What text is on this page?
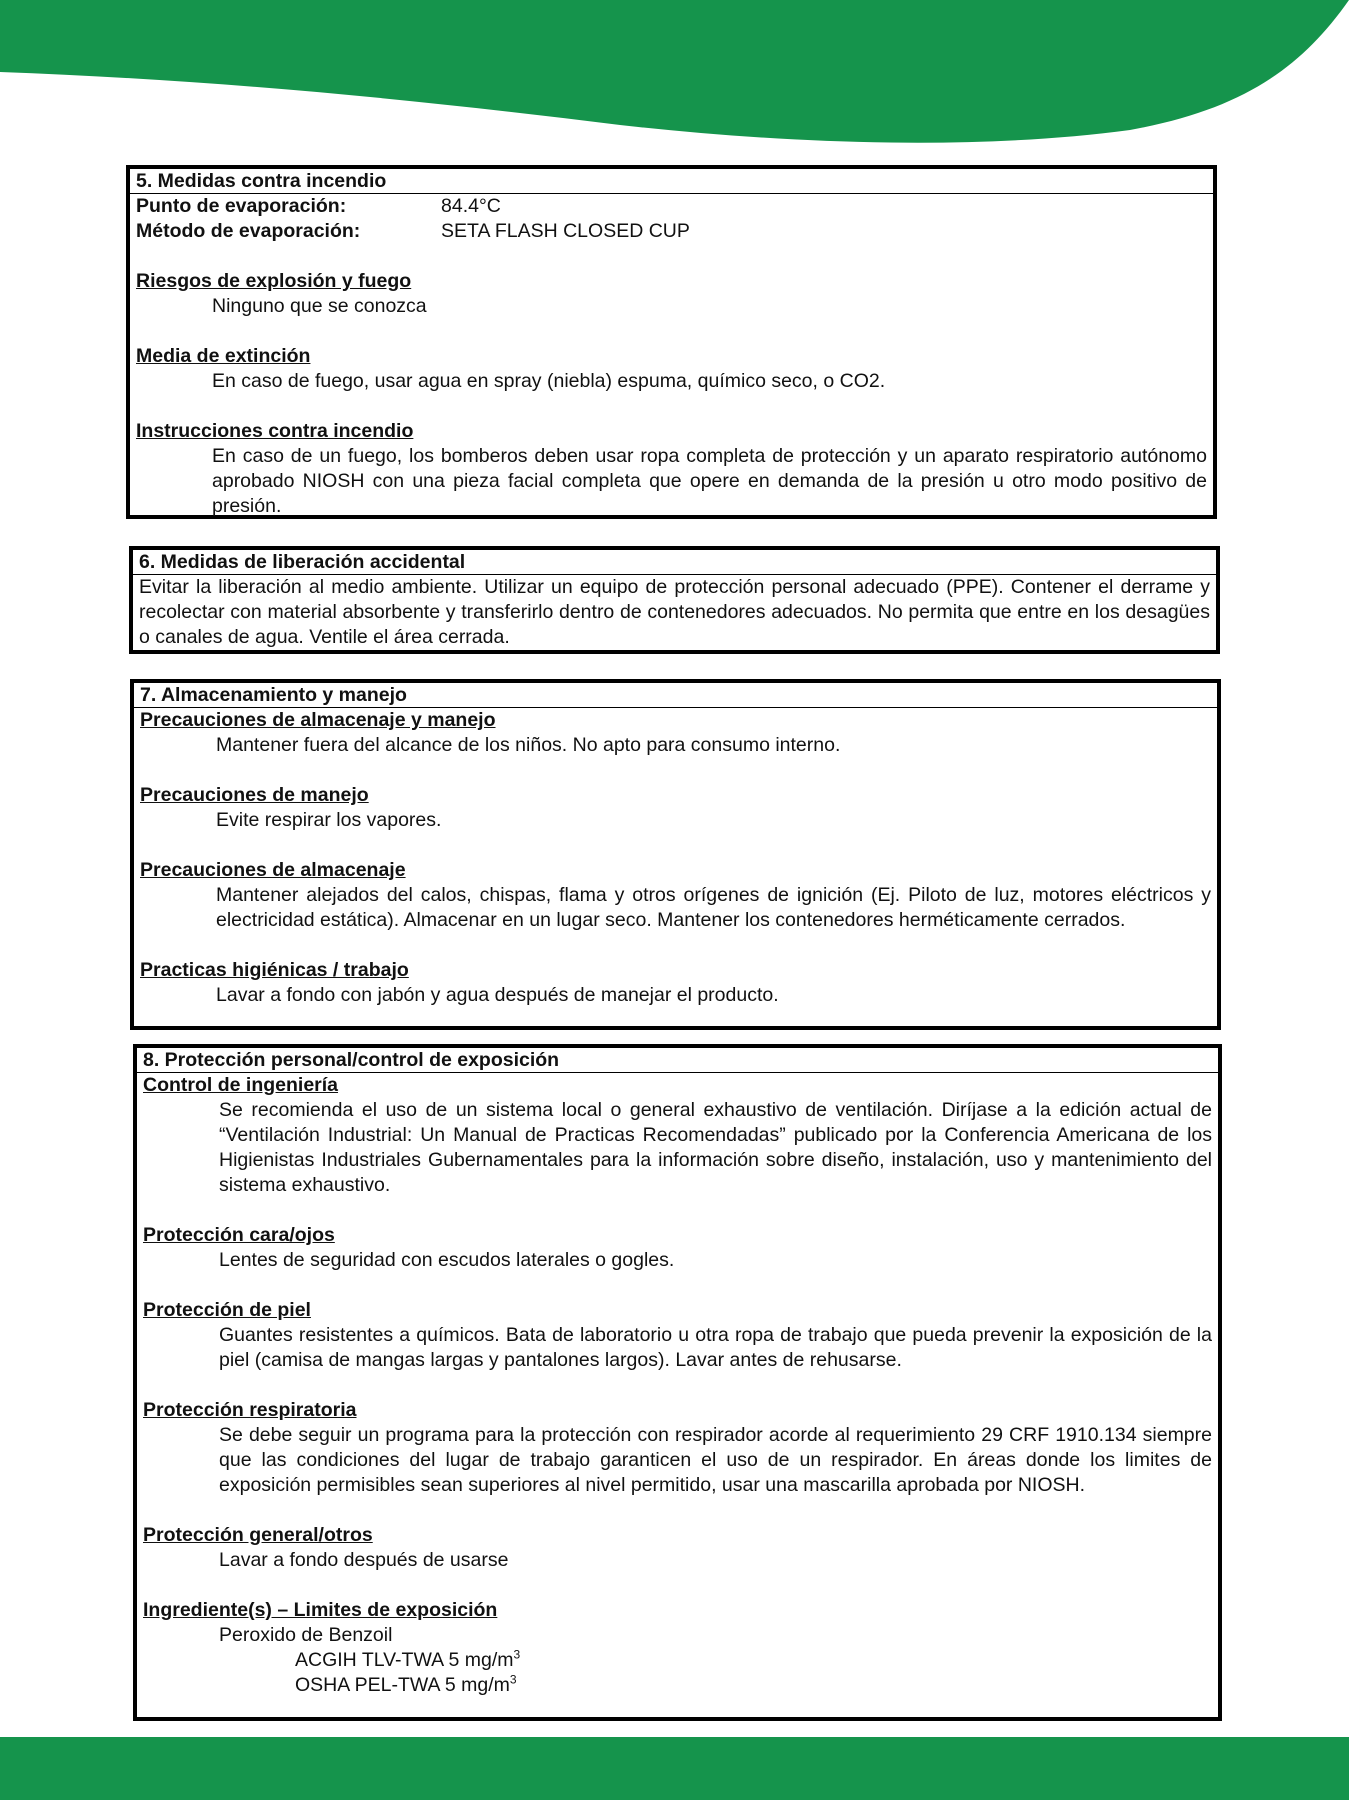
5. Medidas contra incendio
Punto de evaporación:	84.4°C
Método de evaporación:	SETA FLASH CLOSED CUP
Riesgos de explosión y fuego
Ninguno que se conozca
Media de extinción
En caso de fuego, usar agua en spray (niebla) espuma, químico seco, o CO2.
Instrucciones contra incendio
En caso de un fuego, los bomberos deben usar ropa completa de protección y un aparato respiratorio autónomo aprobado NIOSH con una pieza facial completa que opere en demanda de la presión u otro modo positivo de presión.
6. Medidas de liberación accidental
Evitar la liberación al medio ambiente. Utilizar un equipo de protección personal adecuado (PPE). Contener el derrame y recolectar con material absorbente y transferirlo dentro de contenedores adecuados. No permita que entre en los desagües o canales de agua. Ventile el área cerrada.
7. Almacenamiento y manejo
Precauciones de almacenaje y manejo
Mantener fuera del alcance de los niños. No apto para consumo interno.
Precauciones de manejo
Evite respirar los vapores.
Precauciones de almacenaje
Mantener alejados del calos, chispas, flama y otros orígenes de ignición (Ej. Piloto de luz, motores eléctricos y electricidad estática). Almacenar en un lugar seco. Mantener los contenedores herméticamente cerrados.
Practicas higiénicas / trabajo
Lavar a fondo con jabón y agua después de manejar el producto.
8. Protección personal/control de exposición
Control de ingeniería
Se recomienda el uso de un sistema local o general exhaustivo de ventilación. Diríjase a la edición actual de “Ventilación Industrial: Un Manual de Practicas Recomendadas” publicado por la Conferencia Americana de los Higienistas Industriales Gubernamentales para la información sobre diseño, instalación, uso y mantenimiento del sistema exhaustivo.
Protección cara/ojos
Lentes de seguridad con escudos laterales o gogles.
Protección de piel
Guantes resistentes a químicos. Bata de laboratorio u otra ropa de trabajo que pueda prevenir la exposición de la piel (camisa de mangas largas y pantalones largos). Lavar antes de rehusarse.
Protección respiratoria
Se debe seguir un programa para la protección con respirador acorde al requerimiento 29 CRF 1910.134 siempre que las condiciones del lugar de trabajo garanticen el uso de un respirador. En áreas donde los limites de exposición permisibles sean superiores al nivel permitido, usar una mascarilla aprobada por NIOSH.
Protección general/otros
Lavar a fondo después de usarse
Ingrediente(s) – Limites de exposición
Peroxido de Benzoil
ACGIH TLV-TWA 5 $mg/m^3$
OSHA PEL-TWA 5 $mg/m^3$
